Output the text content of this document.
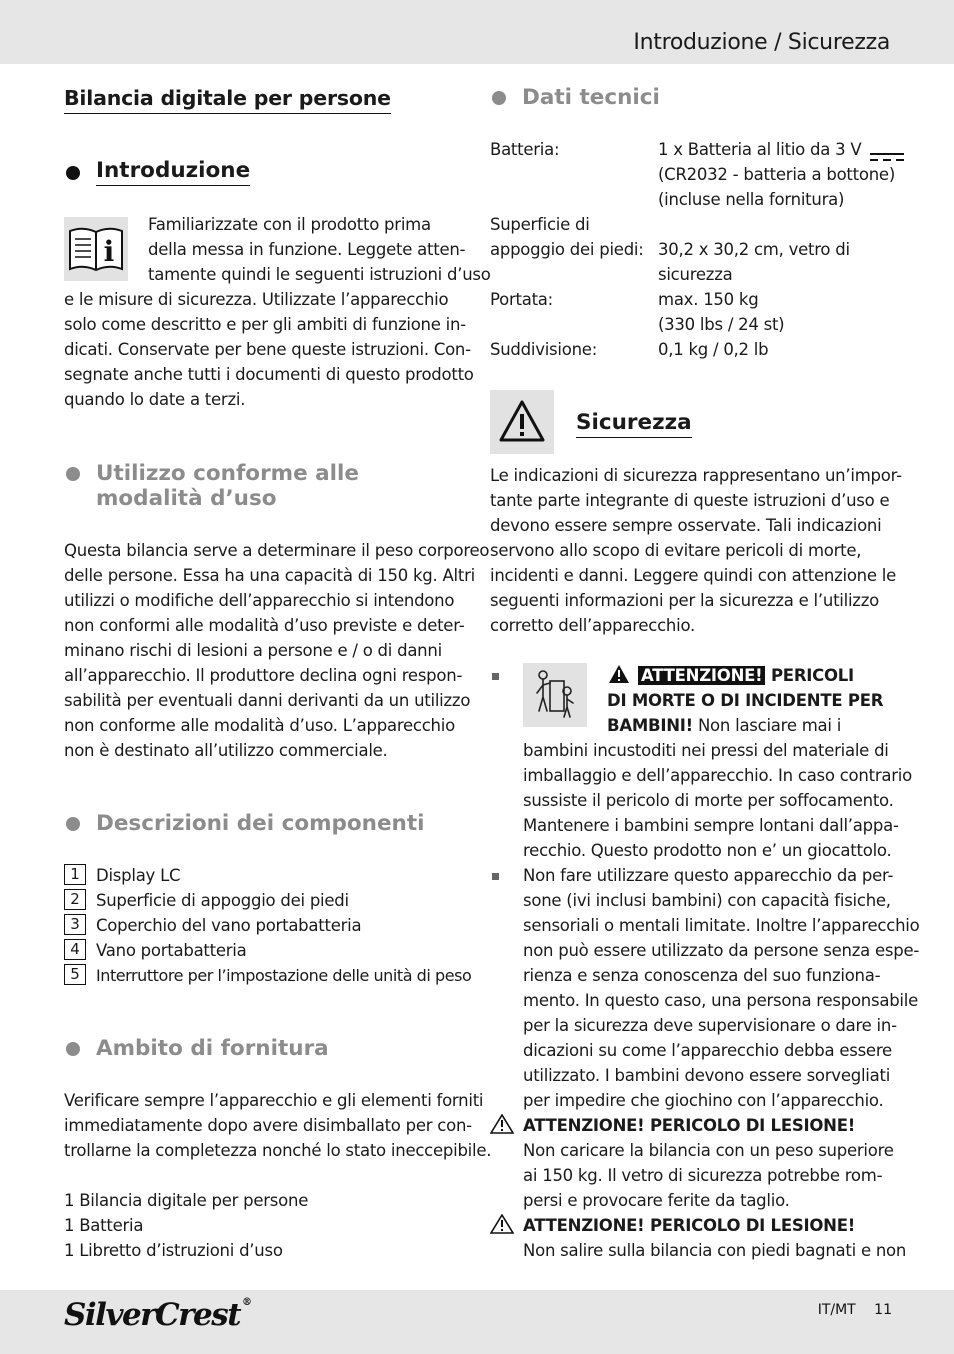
Introduzione / Sicurezza
Bilancia digitale per persone
Introduzione
i
Familiarizzate con il prodotto prima
della messa in funzione. Leggete atten-
tamente quindi le seguenti istruzioni d’uso
e le misure di sicurezza. Utilizzate l’apparecchio
solo come descritto e per gli ambiti di funzione in-
dicati. Conservate per bene queste istruzioni. Con-
segnate anche tutti i documenti di questo prodotto
quando lo date a terzi.
Utilizzo conforme alle
modalità d’uso
Questa bilancia serve a determinare il peso corporeo
delle persone. Essa ha una capacità di 150 kg. Altri
utilizzi o modifiche dell’apparecchio si intendono
non conformi alle modalità d’uso previste e deter-
minano rischi di lesioni a persone e / o di danni
all’apparecchio. Il produttore declina ogni respon-
sabilità per eventuali danni derivanti da un utilizzo
non conforme alle modalità d’uso. L’apparecchio
non è destinato all’utilizzo commerciale.
Descrizioni dei componenti
1 Display LC
2 Superficie di appoggio dei piedi
3 Coperchio del vano portabatteria
4 Vano portabatteria
5	Interruttore per l’impostazione delle unità di peso
Ambito di fornitura
Verificare sempre l’apparecchio e gli elementi forniti
immediatamente dopo avere disimballato per con-
trollarne la completezza nonché lo stato ineccepibile.
1 Bilancia digitale per persone
1 Batteria
1 Libretto d’istruzioni d’uso
Dati tecnici
Batteria:	1 x Batteria al litio da 3 V
(CR2032 - batteria a bottone)
(incluse nella fornitura)
Superficie di
appoggio dei piedi: 30,2 x 30,2 cm, vetro di
sicurezza
Portata:	max. 150 kg
(330 lbs / 24 st)
Suddivisione:	0,1 kg / 0,2 lb
Sicurezza
Le indicazioni di sicurezza rappresentano un’impor-
tante parte integrante di queste istruzioni d’uso e
devono essere sempre osservate. Tali indicazioni
servono allo scopo di evitare pericoli di morte,
incidenti e danni. Leggere quindi con attenzione le
seguenti informazioni per la sicurezza e l’utilizzo
corretto dell’apparecchio.
ATTENZIONE! PERICOLI
DI MORTE O DI INCIDENTE PER
BAMBINI! Non lasciare mai i
bambini incustoditi nei pressi del materiale di
imballaggio e dell’apparecchio. In caso contrario
sussiste il pericolo di morte per soffocamento.
Mantenere i bambini sempre lontani dall’appa-
recchio. Questo prodotto non e’ un giocattolo.
Non fare utilizzare questo apparecchio da per-
sone (ivi inclusi bambini) con capacità fisiche,
sensoriali o mentali limitate. Inoltre l’apparecchio
non può essere utilizzato da persone senza espe-
rienza e senza conoscenza del suo funziona-
mento. In questo caso, una persona responsabile
per la sicurezza deve supervisionare o dare in-
dicazioni su come l’apparecchio debba essere
utilizzato. I bambini devono essere sorvegliati
per impedire che giochino con l’apparecchio.
ATTENZIONE! PERICOLO DI LESIONE!
Non caricare la bilancia con un peso superiore
ai 150 kg. Il vetro di sicurezza potrebbe rom-
persi e provocare ferite da taglio.
ATTENZIONE! PERICOLO DI LESIONE!
Non salire sulla bilancia con piedi bagnati e non
SilverCrest ®	IT/MT 11
